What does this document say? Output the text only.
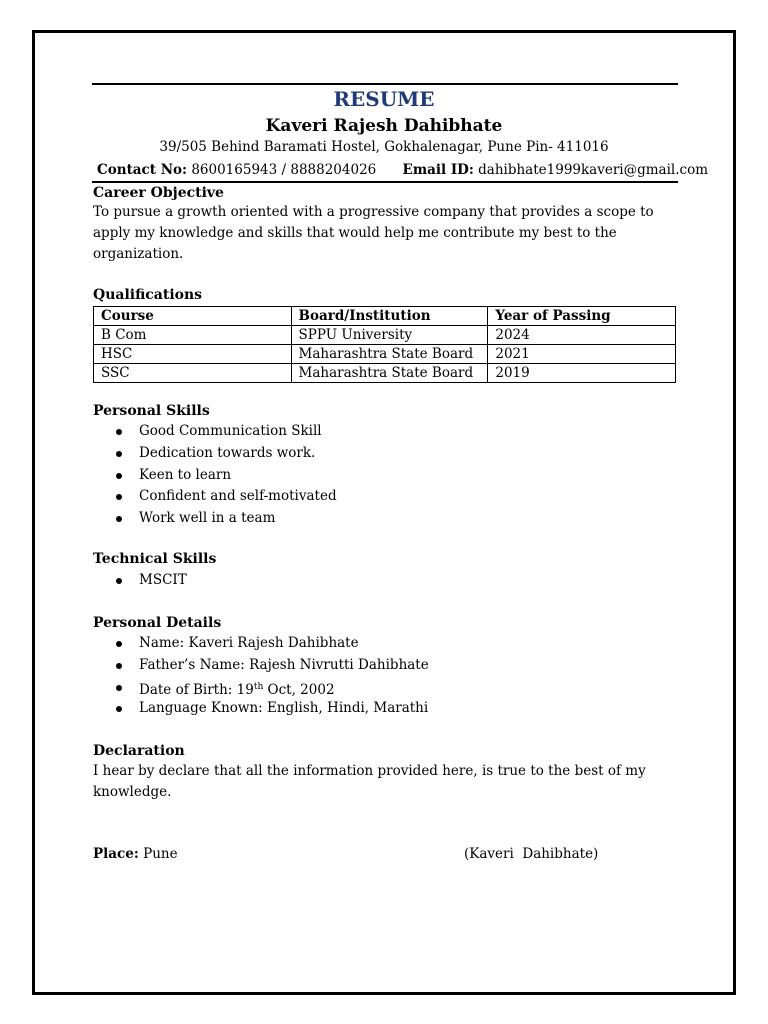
RESUME
Kaveri Rajesh Dahibhate
39/505 Behind Baramati Hostel, Gokhalenagar, Pune Pin- 411016
Contact No: 8600165943 / 8888204026 Email ID: dahibhate1999kaveri@gmail.com
Career Objective
To pursue a growth oriented with a progressive company that provides a scope to apply my knowledge and skills that would help me contribute my best to the organization.
Qualifications
Course	Board/Institution	Year of Passing
B Com	SPPU University	2024
HSC	Maharashtra State Board	2021
SSC	Maharashtra State Board	2019
Personal Skills
Good Communication Skill
Dedication towards work.
Keen to learn
Confident and self-motivated
Work well in a team
Technical Skills
MSCIT
Personal Details
Name: Kaveri Rajesh Dahibhate
Father’s Name: Rajesh Nivrutti Dahibhate
Date of Birth: 19th Oct, 2002
Language Known: English, Hindi, Marathi
Declaration
I hear by declare that all the information provided here, is true to the best of my knowledge.
Place: Pune	(Kaveri  Dahibhate)
